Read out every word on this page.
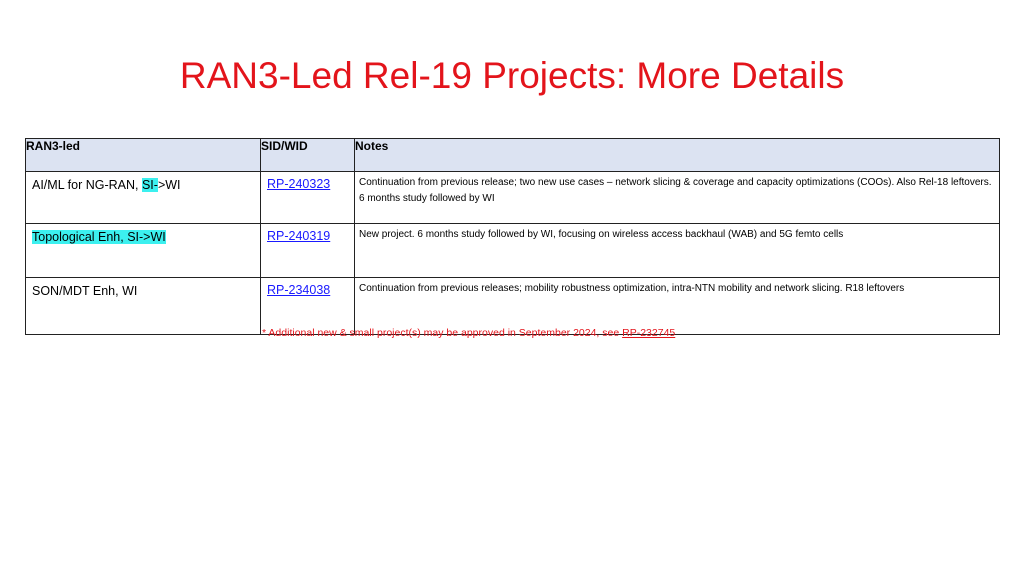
RAN3-Led Rel-19 Projects: More Details
RAN3-led	SID/WID	Notes
AI/ML for NG-RAN, SI->WI	RP-240323	Continuation from previous release; two new use cases – network slicing & coverage and capacity optimizations (COOs). Also Rel-18 leftovers. 6 months study followed by WI
Topological Enh, SI->WI	RP-240319	New project. 6 months study followed by WI, focusing on wireless access backhaul (WAB) and 5G femto cells
SON/MDT Enh, WI	RP-234038	Continuation from previous releases; mobility robustness optimization, intra-NTN mobility and network slicing. R18 leftovers
* Additional new & small project(s) may be approved in September 2024, see RP-232745
